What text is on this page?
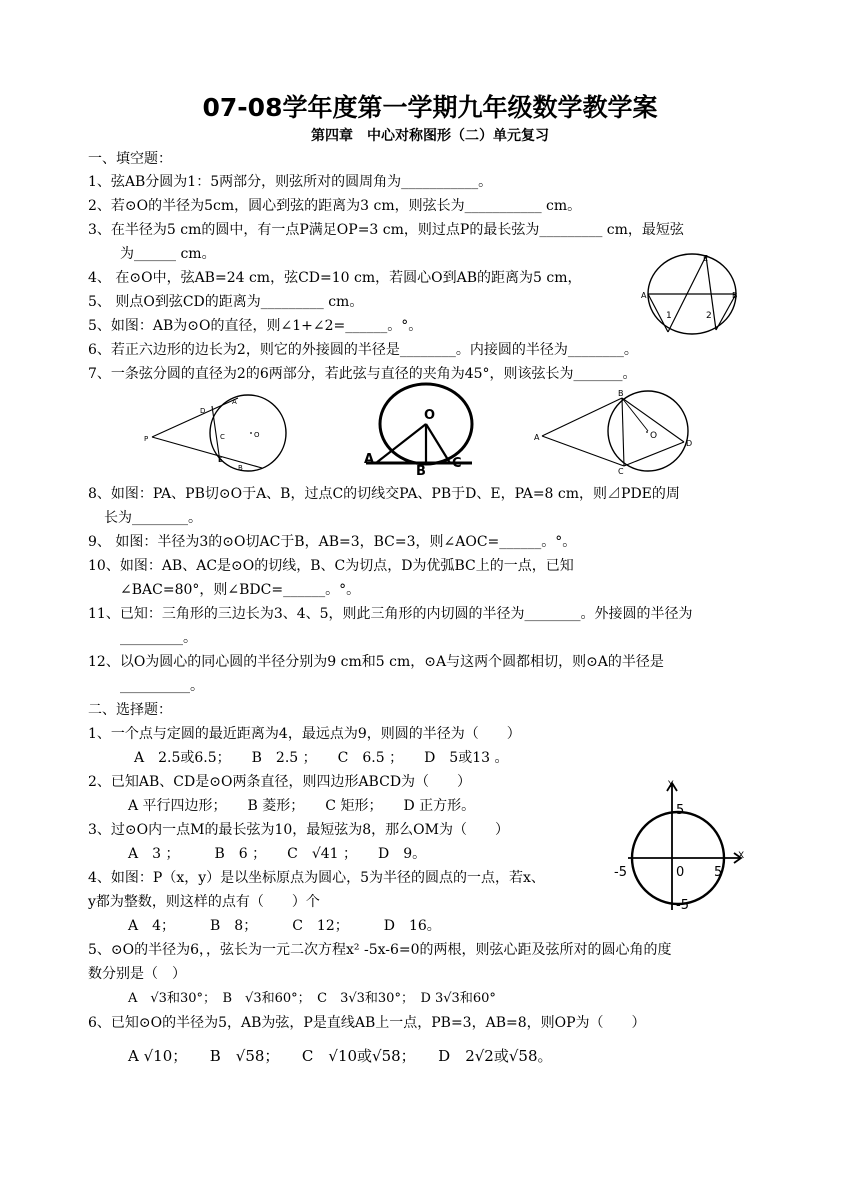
07-08学年度第一学期九年级数学教学案
第四章　中心对称图形（二）单元复习
一、填空题：
1、弦AB分圆为1：5两部分，则弦所对的圆周角为___________。
2、若⊙O的半径为5cm，圆心到弦的距离为3 cm，则弦长为___________ cm。
3、在半径为5 cm的圆中，有一点P满足OP=3 cm，则过点P的最长弦为_________ cm，最短弦
为______ cm。
4、 在⊙O中，弦AB=24 cm，弦CD=10 cm，若圆心O到AB的距离为5 cm，
5、 则点O到弦CD的距离为_________ cm。
5、如图：AB为⊙O的直径，则∠1+∠2=______。°。
6、若正六边形的边长为2，则它的外接圆的半径是________。内接圆的半径为________。
7、一条弦分圆的直径为2的6两部分，若此弦与直径的夹角为45°，则该弦长为_______。
8、如图：PA、PB切⊙O于A、B，过点C的切线交PA、PB于D、E，PA=8 cm，则⊿PDE的周
长为________。
9、 如图：半径为3的⊙O切AC于B，AB=3，BC=3，则∠AOC=______。°。
10、如图：AB、AC是⊙O的切线，B、C为切点，D为优弧BC上的一点，已知
∠BAC=80°，则∠BDC=______。°。
11、已知：三角形的三边长为3、4、5，则此三角形的内切圆的半径为________。外接圆的半径为
_________。
12、以O为圆心的同心圆的半径分别为9 cm和5 cm，⊙A与这两个圆都相切，则⊙A的半径是
__________。
二、选择题：
1、一个点与定圆的最近距离为4，最远点为9，则圆的半径为（　　）
A　2.5或6.5；　　B　2.5 ；　　C　6.5 ；　　D　5或13 。
2、已知AB、CD是⊙O两条直径，则四边形ABCD为（　　）
A 平行四边形；　　B 菱形；　　C 矩形；　　D 正方形。
3、过⊙O内一点M的最长弦为10，最短弦为8，那么OM为（　　）
A　3 ；　　　B　6 ；　　C　√41 ；　　D　9。
4、如图：P（x，y）是以坐标原点为圆心，5为半径的圆点的一点，若x、
y都为整数，则这样的点有（　　）个
A　4；　　　B　8；　　　C　12；　　　D　16。
5、⊙O的半径为6，，弦长为一元二次方程x² -5x-6=0的两根，则弦心距及弦所对的圆心角的度
数分别是（　）
A　√3和30°；　B　√3和60°；　C　3√3和30°；　D 3√3和60°
6、已知⊙O的半径为5，AB为弦，P是直线AB上一点，PB=3，AB=8，则OP为（　　）
A √10；　　B　√58；　　C　√10或√58；　　D　2√2或√58。
E
A	B
1	2
D
A
P	C	O
E
B
O
A
B
C
B
A	O
D
C
Y
5
X
-5	0 5
-5
